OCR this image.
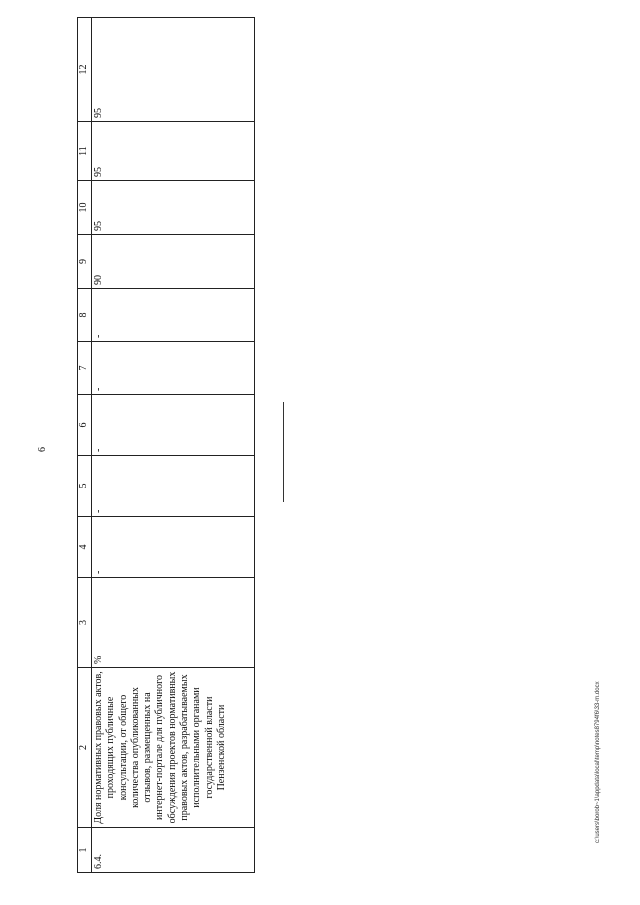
6
1	2	3	4	5	6	7	8	9	10	11	12
6.4.	Доля нормативных правовых актов, проходящих публичные консультации, от общего количества опубликованных отзывов, размещенных на интернет-портале для публичного обсуждения проектов нормативных правовых актов, разрабатываемых исполнительными органами государственной власти Пензенской области	%	-	-	-	-	-	90	95	95	95
c:\users\borob~1\appdata\local\temp\notes8794f6\33-m.docx
